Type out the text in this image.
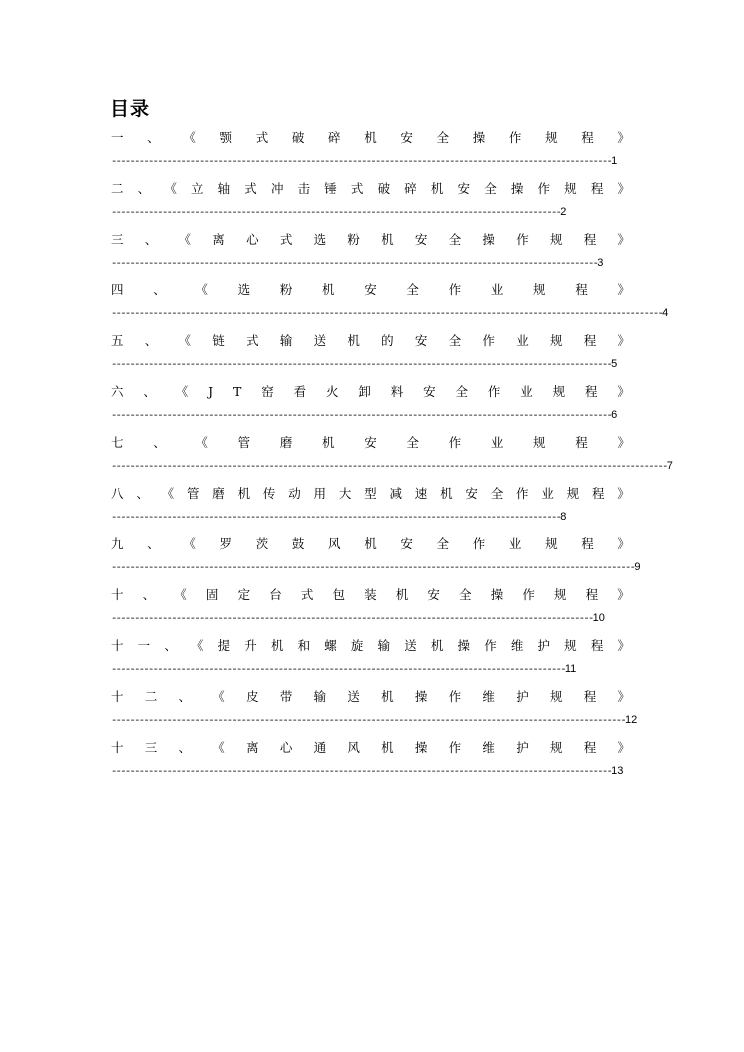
目录
一 、 《 颚 式 破 碎 机 安 全 操 作 规 程 》
------------------------------------------------------------------------------------------------------------1
二 、 《 立 轴 式 冲 击 锤 式 破 碎 机 安 全 操 作 规 程 》
-------------------------------------------------------------------------------------------------2
三 、 《 离 心 式 选 粉 机 安 全 操 作 规 程 》
---------------------------------------------------------------------------------------------------------3
四 、 《 选 粉 机 安 全 作 业 规 程 》
-----------------------------------------------------------------------------------------------------------------------4
五 、 《 链 式 输 送 机 的 安 全 作 业 规 程 》
------------------------------------------------------------------------------------------------------------5
六 、 《 J T 窑 看 火 卸 料 安 全 作 业 规 程 》
------------------------------------------------------------------------------------------------------------6
七 、 《 管 磨 机 安 全 作 业 规 程 》
------------------------------------------------------------------------------------------------------------------------7
八 、 《 管 磨 机 传 动 用 大 型 减 速 机 安 全 作 业 规 程 》
-------------------------------------------------------------------------------------------------8
九 、 《 罗 茨 鼓 风 机 安 全 作 业 规 程 》
-----------------------------------------------------------------------------------------------------------------9
十 、 《 固 定 台 式 包 装 机 安 全 操 作 规 程 》
--------------------------------------------------------------------------------------------------------10
十 一 、 《 提 升 机 和 螺 旋 输 送 机 操 作 维 护 规 程 》
--------------------------------------------------------------------------------------------------11
十 二 、 《 皮 带 输 送 机 操 作 维 护 规 程 》
---------------------------------------------------------------------------------------------------------------12
十 三 、 《 离 心 通 风 机 操 作 维 护 规 程 》
------------------------------------------------------------------------------------------------------------13
